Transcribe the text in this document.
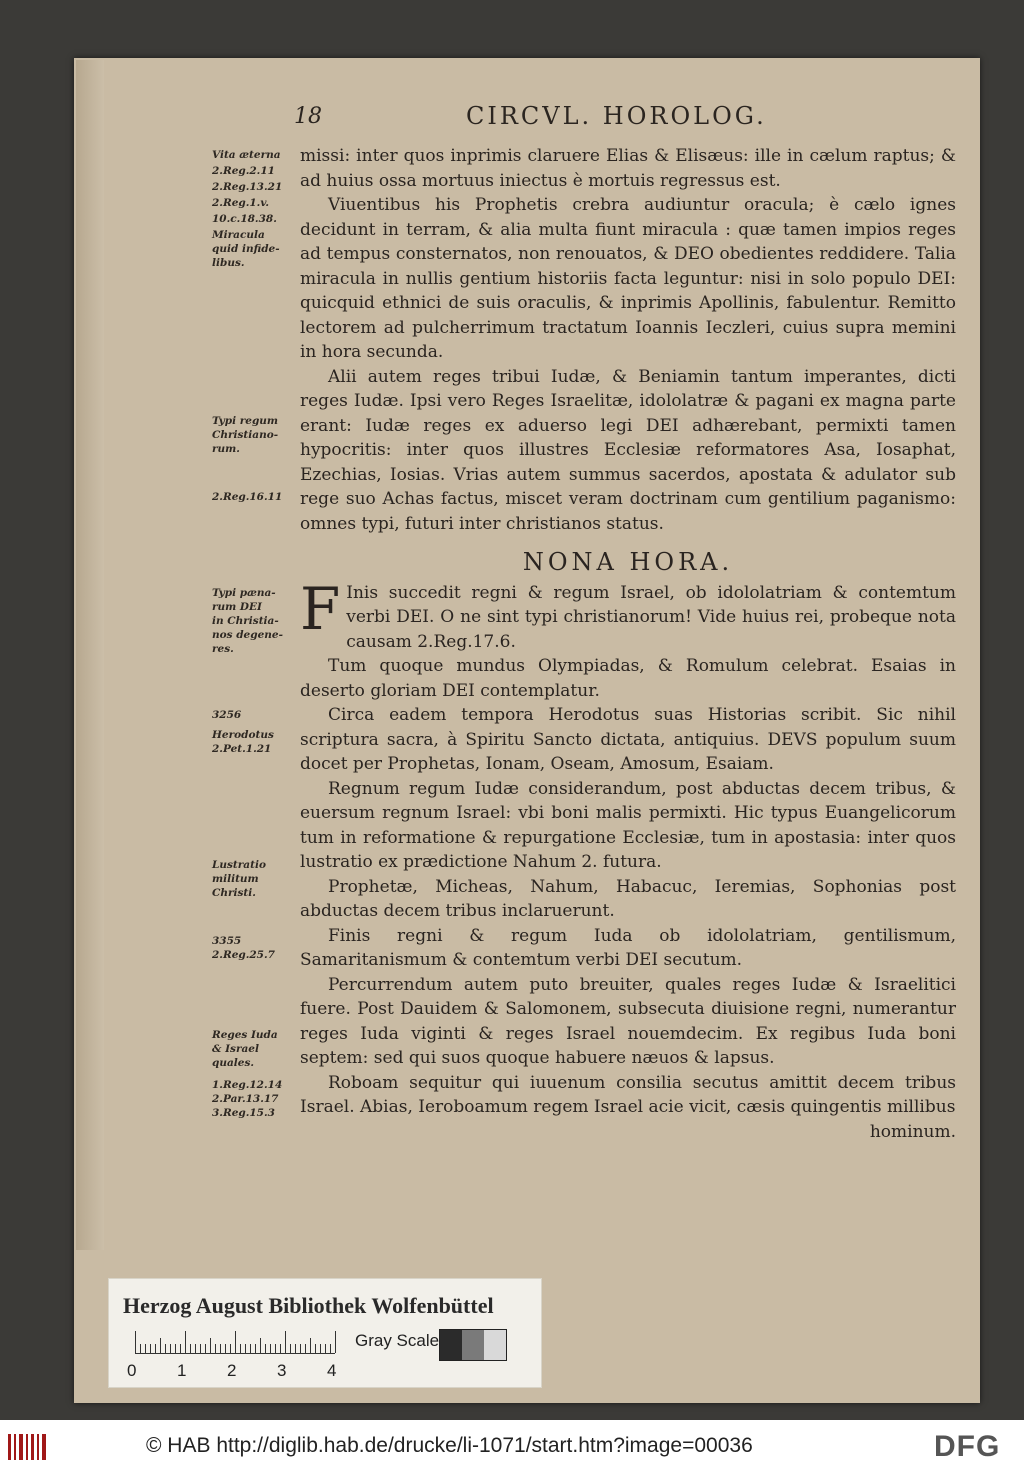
18	CIRCVL. HOROLOG.
Vita æterna
2.Reg.2.11
2.Reg.13.21
2.Reg.1.v.
10.c.18.38.
Miracula
quid infide-
libus.
Typi regum
Christiano-
rum.
2.Reg.16.11
Typi pæna-
rum DEI
in Christia-
nos degene-
res.
3256
Herodotus
2.Pet.1.21
Lustratio
militum
Christi.
3355
2.Reg.25.7
Reges Iuda
& Israel
quales.
1.Reg.12.14
2.Par.13.17
3.Reg.15.3

missi: inter quos inprimis claruere Elias & Elisæus: ille in cælum raptus; & ad huius ossa mortuus iniectus è mortuis regressus est.

Viuentibus his Prophetis crebra audiuntur oracula; è cælo ignes decidunt in terram, & alia multa fiunt miracula : quæ tamen impios reges ad tempus consternatos, non renouatos, & DEO obedientes reddidere. Talia miracula in nullis gentium historiis facta leguntur: nisi in solo populo DEI: quicquid ethnici de suis oraculis, & inprimis Apollinis, fabulentur. Remitto lectorem ad pulcherrimum tractatum Ioannis Ieczleri, cuius supra memini in hora secunda.

Alii autem reges tribui Iudæ, & Beniamin tantum imperantes, dicti reges Iudæ. Ipsi vero Reges Israelitæ, idololatræ & pagani ex magna parte erant: Iudæ reges ex aduerso legi DEI adhærebant, permixti tamen hypocritis: inter quos illustres Ecclesiæ reformatores Asa, Iosaphat, Ezechias, Iosias. Vrias autem summus sacerdos, apostata & adulator sub rege suo Achas factus, miscet veram doctrinam cum gentilium paganismo: omnes typi, futuri inter christianos status.

NONA HORA.

F Inis succedit regni & regum Israel, ob idololatriam & contemtum verbi DEI. O ne sint typi christianorum! Vide huius rei, probeque nota causam 2.Reg.17.6.

Tum quoque mundus Olympiadas, & Romulum celebrat. Esaias in deserto gloriam DEI contemplatur.

Circa eadem tempora Herodotus suas Historias scribit. Sic nihil scriptura sacra, à Spiritu Sancto dictata, antiquius. DEVS populum suum docet per Prophetas, Ionam, Oseam, Amosum, Esaiam.

Regnum regum Iudæ considerandum, post abductas decem tribus, & euersum regnum Israel: vbi boni malis permixti. Hic typus Euangelicorum tum in reformatione & repurgatione Ecclesiæ, tum in apostasia: inter quos lustratio ex prædictione Nahum 2. futura.

Prophetæ, Micheas, Nahum, Habacuc, Ieremias, Sophonias post abductas decem tribus inclaruerunt.

Finis regni & regum Iuda ob idololatriam, gentilismum, Samaritanismum & contemtum verbi DEI secutum.

Percurrendum autem puto breuiter, quales reges Iudæ & Israelitici fuere. Post Dauidem & Salomonem, subsecuta diuisione regni, numerantur reges Iuda viginti & reges Israel nouemdecim. Ex regibus Iuda boni septem: sed qui suos quoque habuere næuos & lapsus.

Roboam sequitur qui iuuenum consilia secutus amittit decem tribus Israel. Abias, Ieroboamum regem Israel acie vicit, cæsis quingentis millibus

hominum.

Herzog August Bibliothek Wolfenbüttel
0 1 2 3 4
Gray Scale
© HAB http://diglib.hab.de/drucke/li-1071/start.htm?image=00036	DFG
